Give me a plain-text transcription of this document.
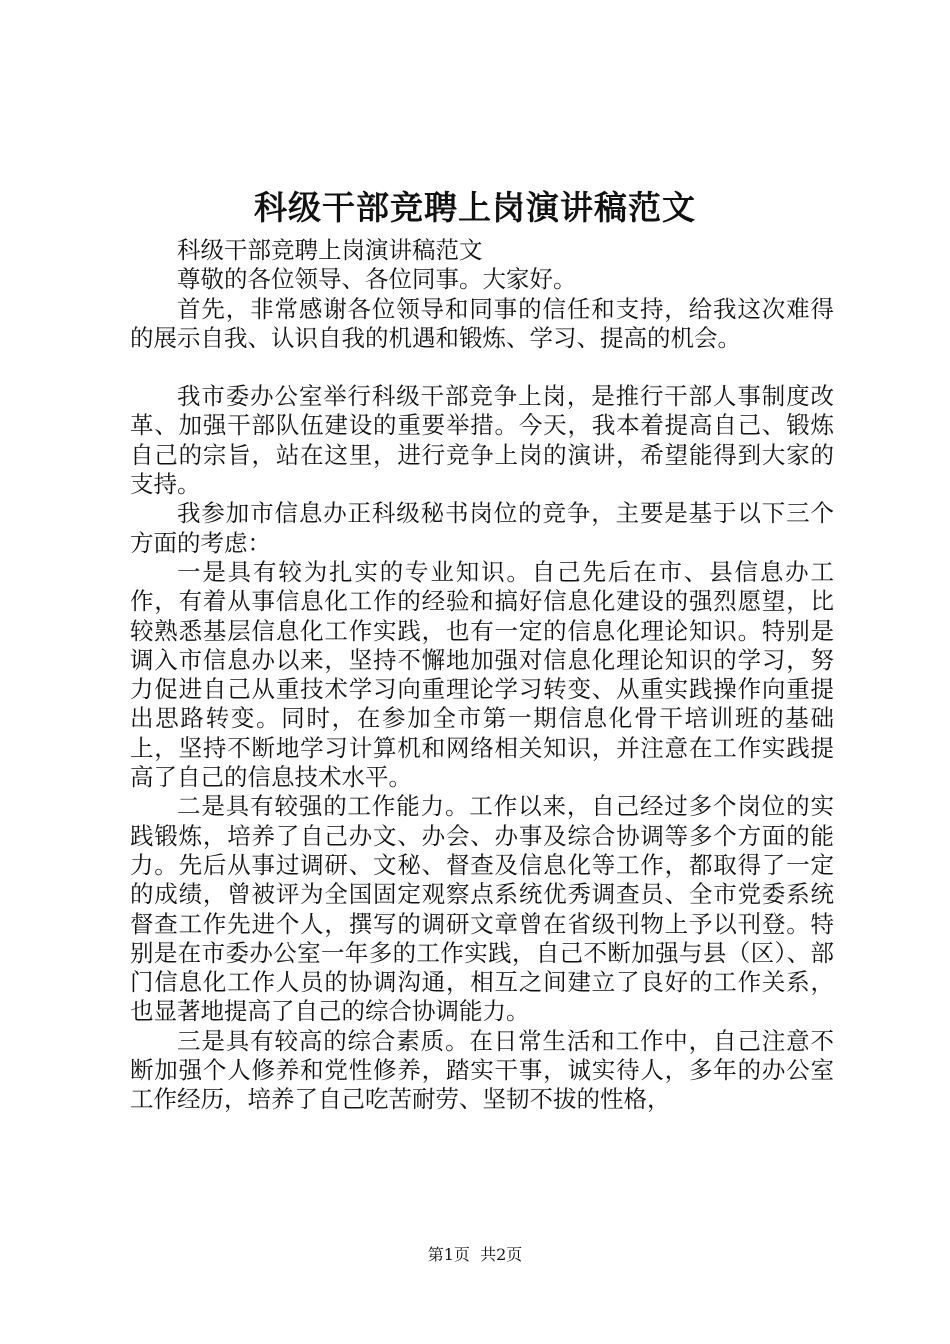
科级干部竞聘上岗演讲稿范文

科级干部竞聘上岗演讲稿范文

尊敬的各位领导、各位同事。大家好。

首先，非常感谢各位领导和同事的信任和支持，给我这次难得的展示自我、认识自我的机遇和锻炼、学习、提高的机会。

我市委办公室举行科级干部竞争上岗，是推行干部人事制度改革、加强干部队伍建设的重要举措。今天，我本着提高自己、锻炼自己的宗旨，站在这里，进行竞争上岗的演讲，希望能得到大家的支持。

我参加市信息办正科级秘书岗位的竞争，主要是基于以下三个方面的考虑：

一是具有较为扎实的专业知识。自己先后在市、县信息办工作，有着从事信息化工作的经验和搞好信息化建设的强烈愿望，比较熟悉基层信息化工作实践，也有一定的信息化理论知识。特别是调入市信息办以来，坚持不懈地加强对信息化理论知识的学习，努力促进自己从重技术学习向重理论学习转变、从重实践操作向重提出思路转变。同时，在参加全市第一期信息化骨干培训班的基础上，坚持不断地学习计算机和网络相关知识，并注意在工作实践提高了自己的信息技术水平。

二是具有较强的工作能力。工作以来，自己经过多个岗位的实践锻炼，培养了自己办文、办会、办事及综合协调等多个方面的能力。先后从事过调研、文秘、督查及信息化等工作，都取得了一定的成绩，曾被评为全国固定观察点系统优秀调查员、全市党委系统督查工作先进个人，撰写的调研文章曾在省级刊物上予以刊登。特别是在市委办公室一年多的工作实践，自己不断加强与县（区）、部门信息化工作人员的协调沟通，相互之间建立了良好的工作关系，也显著地提高了自己的综合协调能力。

三是具有较高的综合素质。在日常生活和工作中，自己注意不断加强个人修养和党性修养，踏实干事，诚实待人，多年的办公室工作经历，培养了自己吃苦耐劳、坚韧不拔的性格，

第1页 共2页
